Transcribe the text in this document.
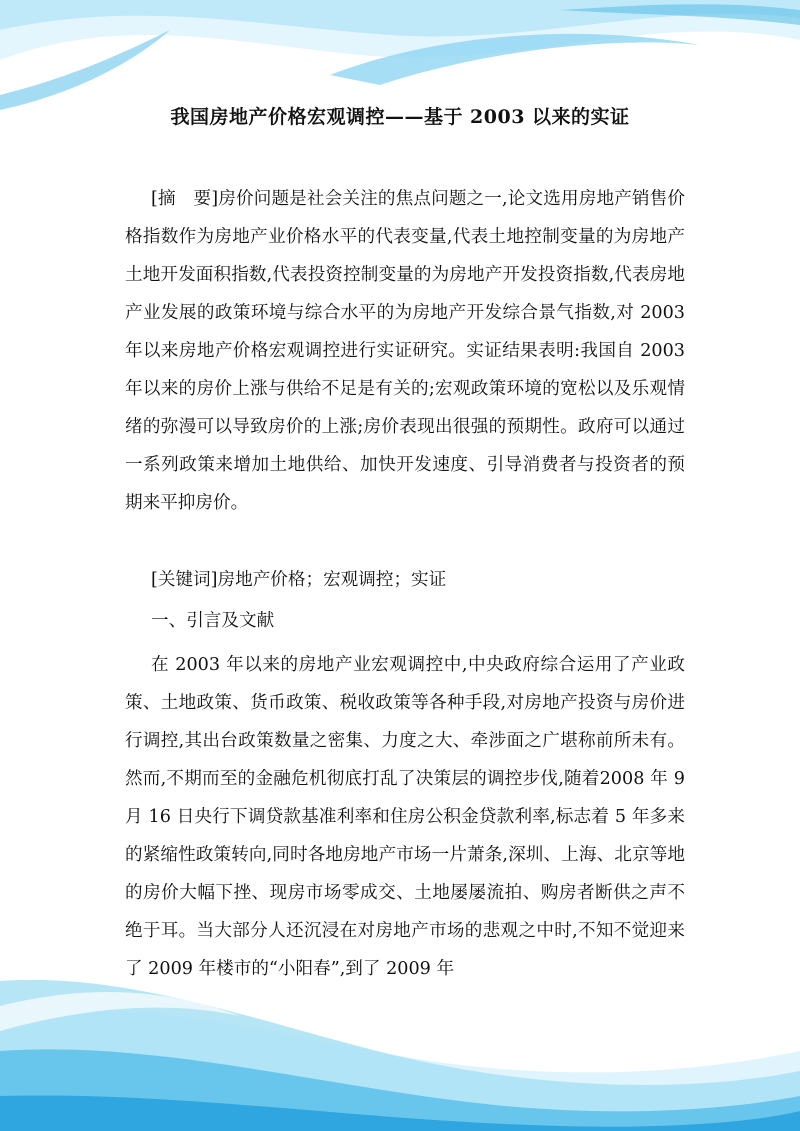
我国房地产价格宏观调控——基于 2003 以来的实证

[摘　要]房价问题是社会关注的焦点问题之一,论文选用房地产销售价格指数作为房地产业价格水平的代表变量,代表土地控制变量的为房地产土地开发面积指数,代表投资控制变量的为房地产开发投资指数,代表房地产业发展的政策环境与综合水平的为房地产开发综合景气指数,对 2003 年以来房地产价格宏观调控进行实证研究。实证结果表明:我国自 2003 年以来的房价上涨与供给不足是有关的;宏观政策环境的宽松以及乐观情绪的弥漫可以导致房价的上涨;房价表现出很强的预期性。政府可以通过一系列政策来增加土地供给、加快开发速度、引导消费者与投资者的预期来平抑房价。

[关键词]房地产价格；宏观调控；实证

一、引言及文献

在 2003 年以来的房地产业宏观调控中,中央政府综合运用了产业政策、土地政策、货币政策、税收政策等各种手段,对房地产投资与房价进行调控,其出台政策数量之密集、力度之大、牵涉面之广堪称前所未有。然而,不期而至的金融危机彻底打乱了决策层的调控步伐,随着2008 年 9 月 16 日央行下调贷款基准利率和住房公积金贷款利率,标志着 5 年多来的紧缩性政策转向,同时各地房地产市场一片萧条,深圳、上海、北京等地的房价大幅下挫、现房市场零成交、土地屡屡流拍、购房者断供之声不绝于耳。当大部分人还沉浸在对房地产市场的悲观之中时,不知不觉迎来了 2009 年楼市的“小阳春”,到了 2009 年
